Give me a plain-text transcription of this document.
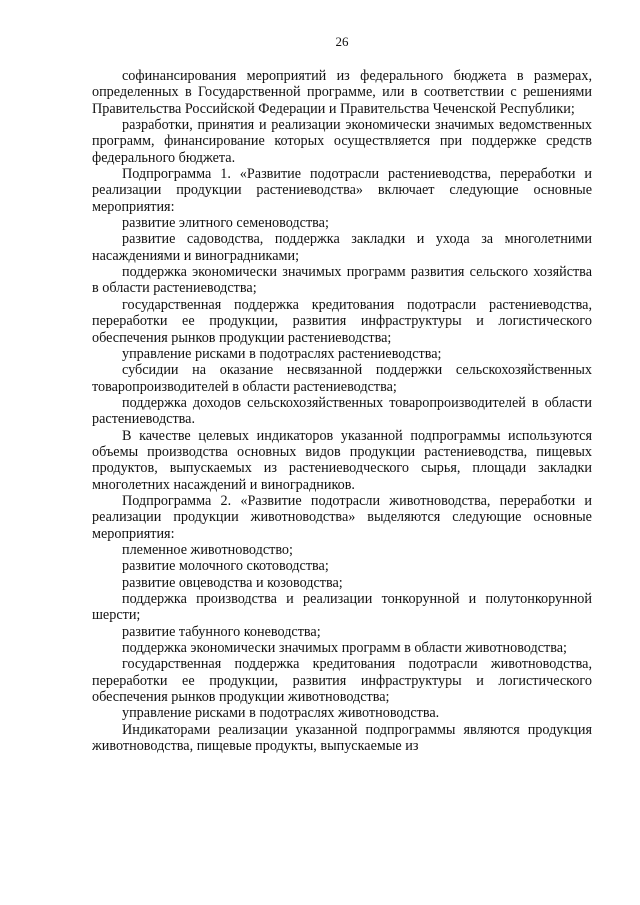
26

софинансирования мероприятий из федерального бюджета в размерах, определенных в Государственной программе, или в соответствии с решениями Правительства Российской Федерации и Правительства Чеченской Республики;

разработки, принятия и реализации экономически значимых ведомственных программ, финансирование которых осуществляется при поддержке средств федерального бюджета.

Подпрограмма 1. «Развитие подотрасли растениеводства, переработки и реализации продукции растениеводства» включает следующие основные мероприятия:

развитие элитного семеноводства;

развитие садоводства, поддержка закладки и ухода за многолетними насаждениями и виноградниками;

поддержка экономически значимых программ развития сельского хозяйства в области растениеводства;

государственная поддержка кредитования подотрасли растениеводства, переработки ее продукции, развития инфраструктуры и логистического обеспечения рынков продукции растениеводства;

управление рисками в подотраслях растениеводства;

субсидии на оказание несвязанной поддержки сельскохозяйственных товаропроизводителей в области растениеводства;

поддержка доходов сельскохозяйственных товаропроизводителей в области растениеводства.

В качестве целевых индикаторов указанной подпрограммы используются объемы производства основных видов продукции растениеводства, пищевых продуктов, выпускаемых из растениеводческого сырья, площади закладки многолетних насаждений и виноградников.

Подпрограмма 2. «Развитие подотрасли животноводства, переработки и реализации продукции животноводства» выделяются следующие основные мероприятия:

племенное животноводство;

развитие молочного скотоводства;

развитие овцеводства и козоводства;

поддержка производства и реализации тонкорунной и полутонкорунной шерсти;

развитие табунного коневодства;

поддержка экономически значимых программ в области животноводства;

государственная поддержка кредитования подотрасли животноводства, переработки ее продукции, развития инфраструктуры и логистического обеспечения рынков продукции животноводства;

управление рисками в подотраслях животноводства.

Индикаторами реализации указанной подпрограммы являются продукция животноводства, пищевые продукты, выпускаемые из
